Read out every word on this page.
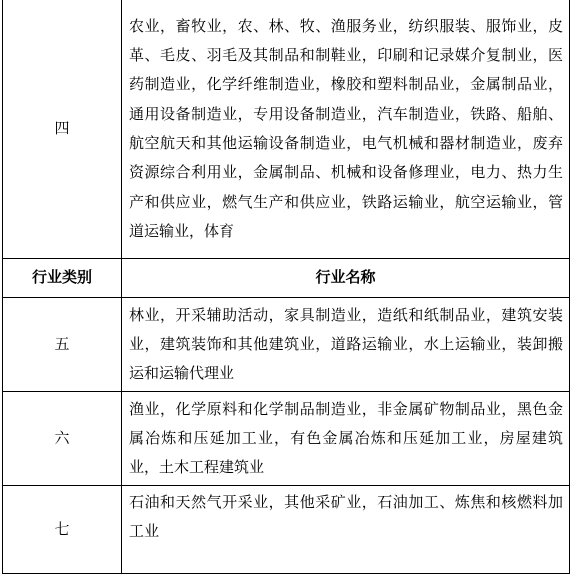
四	农业，畜牧业，农、林、牧、渔服务业，纺织服装、服饰业，皮革、毛皮、羽毛及其制品和制鞋业，印刷和记录媒介复制业，医药制造业，化学纤维制造业，橡胶和塑料制品业，金属制品业，通用设备制造业，专用设备制造业，汽车制造业，铁路、船舶、航空航天和其他运输设备制造业，电气机械和器材制造业，废弃资源综合利用业，金属制品、机械和设备修理业，电力、热力生产和供应业，燃气生产和供应业，铁路运输业，航空运输业，管道运输业，体育
行业类别	行业名称
五	林业，开采辅助活动，家具制造业，造纸和纸制品业，建筑安装业，建筑装饰和其他建筑业，道路运输业，水上运输业，装卸搬运和运输代理业
六	渔业，化学原料和化学制品制造业，非金属矿物制品业，黑色金属冶炼和压延加工业，有色金属冶炼和压延加工业，房屋建筑业，土木工程建筑业
七	石油和天然气开采业，其他采矿业，石油加工、炼焦和核燃料加工业
